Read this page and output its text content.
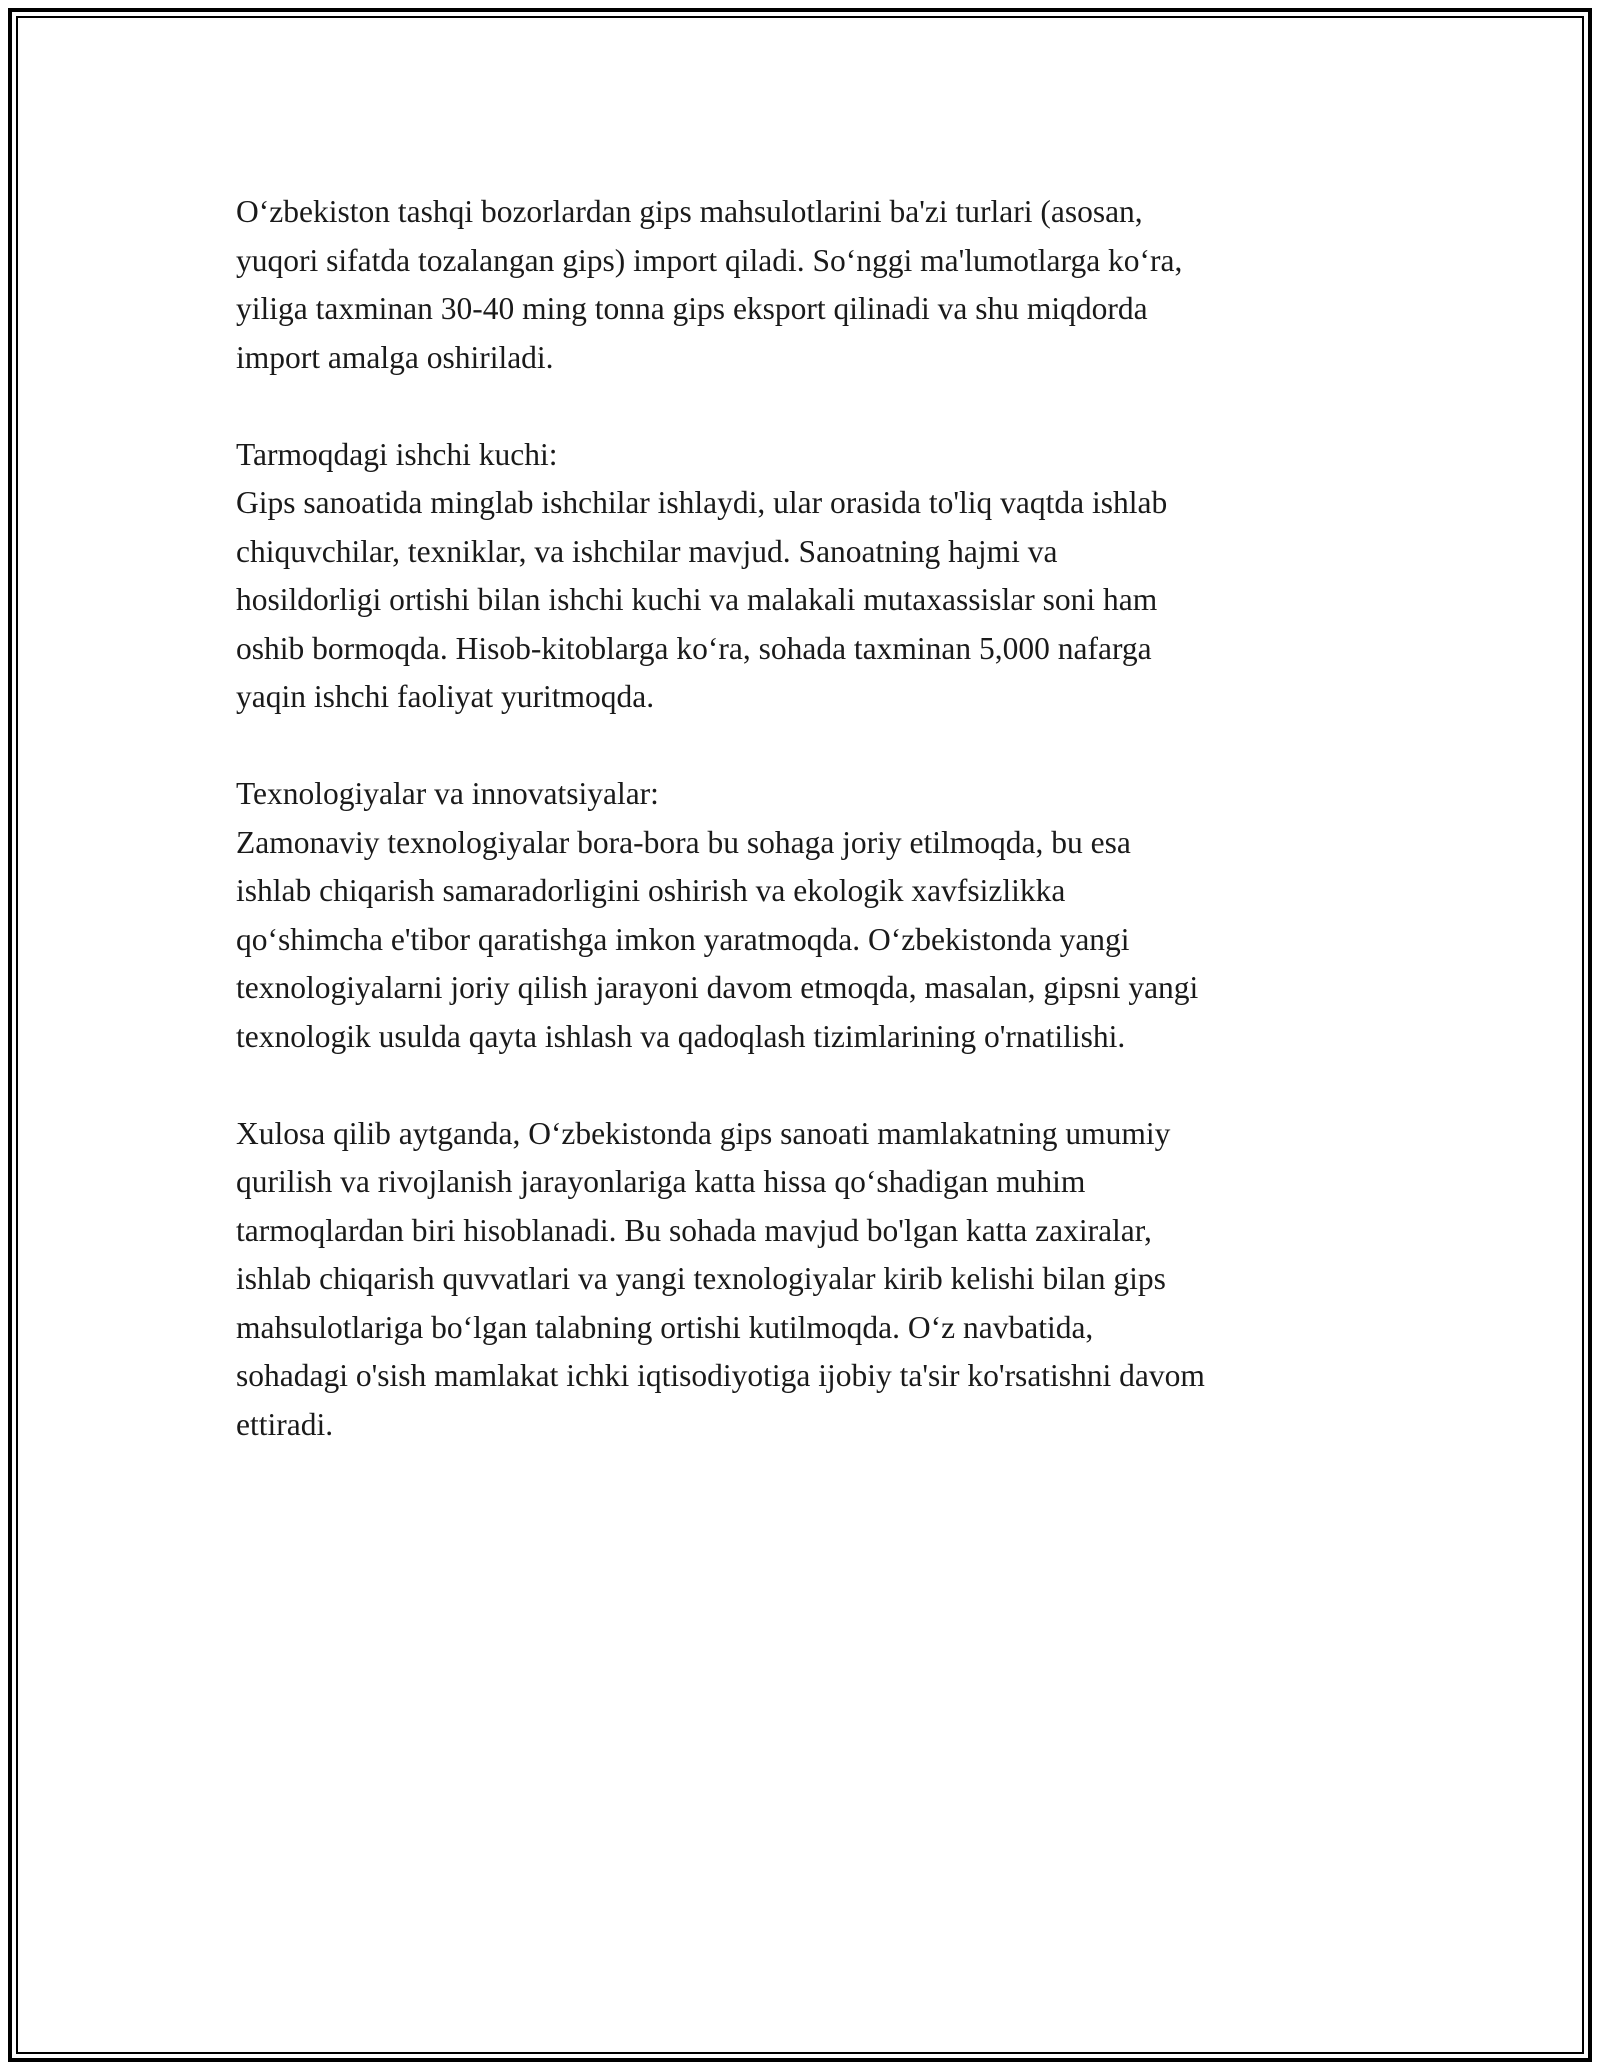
O‘zbekiston tashqi bozorlardan gips mahsulotlarini ba'zi turlari (asosan,
yuqori sifatda tozalangan gips) import qiladi. So‘nggi ma'lumotlarga ko‘ra,
yiliga taxminan 30-40 ming tonna gips eksport qilinadi va shu miqdorda
import amalga oshiriladi.

Tarmoqdagi ishchi kuchi:
Gips sanoatida minglab ishchilar ishlaydi, ular orasida to'liq vaqtda ishlab
chiquvchilar, texniklar, va ishchilar mavjud. Sanoatning hajmi va
hosildorligi ortishi bilan ishchi kuchi va malakali mutaxassislar soni ham
oshib bormoqda. Hisob-kitoblarga ko‘ra, sohada taxminan 5,000 nafarga
yaqin ishchi faoliyat yuritmoqda.

Texnologiyalar va innovatsiyalar:
Zamonaviy texnologiyalar bora-bora bu sohaga joriy etilmoqda, bu esa
ishlab chiqarish samaradorligini oshirish va ekologik xavfsizlikka
qo‘shimcha e'tibor qaratishga imkon yaratmoqda. O‘zbekistonda yangi
texnologiyalarni joriy qilish jarayoni davom etmoqda, masalan, gipsni yangi
texnologik usulda qayta ishlash va qadoqlash tizimlarining o'rnatilishi.

Xulosa qilib aytganda, O‘zbekistonda gips sanoati mamlakatning umumiy
qurilish va rivojlanish jarayonlariga katta hissa qo‘shadigan muhim
tarmoqlardan biri hisoblanadi. Bu sohada mavjud bo'lgan katta zaxiralar,
ishlab chiqarish quvvatlari va yangi texnologiyalar kirib kelishi bilan gips
mahsulotlariga bo‘lgan talabning ortishi kutilmoqda. O‘z navbatida,
sohadagi o'sish mamlakat ichki iqtisodiyotiga ijobiy ta'sir ko'rsatishni davom
ettiradi.
